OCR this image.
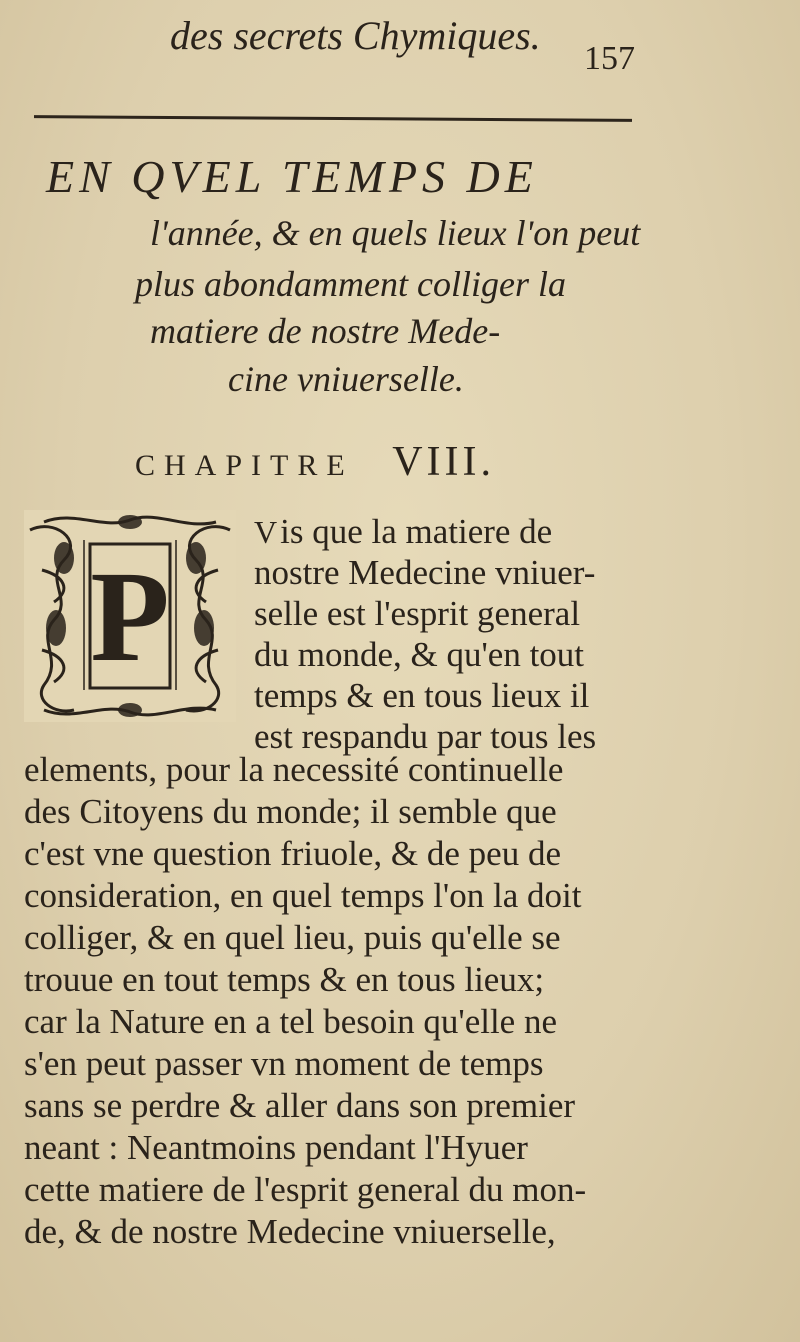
des secrets Chymiques.
157
EN QVEL TEMPS DE
l'année, & en quels lieux l'on peut
plus abondamment colliger la
matiere de nostre Mede-
cine vniuerselle.
CHAPITRE VIII.
P
Vis que la matiere de
nostre Medecine vniuer-
selle est l'esprit general
du monde, & qu'en tout
temps & en tous lieux il
est respandu par tous les
elements, pour la necessité continuelle
des Citoyens du monde; il semble que
c'est vne question friuole, & de peu de
consideration, en quel temps l'on la doit
colliger, & en quel lieu, puis qu'elle se
trouue en tout temps & en tous lieux;
car la Nature en a tel besoin qu'elle ne
s'en peut passer vn moment de temps
sans se perdre & aller dans son premier
neant : Neantmoins pendant l'Hyuer
cette matiere de l'esprit general du mon-
de, & de nostre Medecine vniuerselle,
